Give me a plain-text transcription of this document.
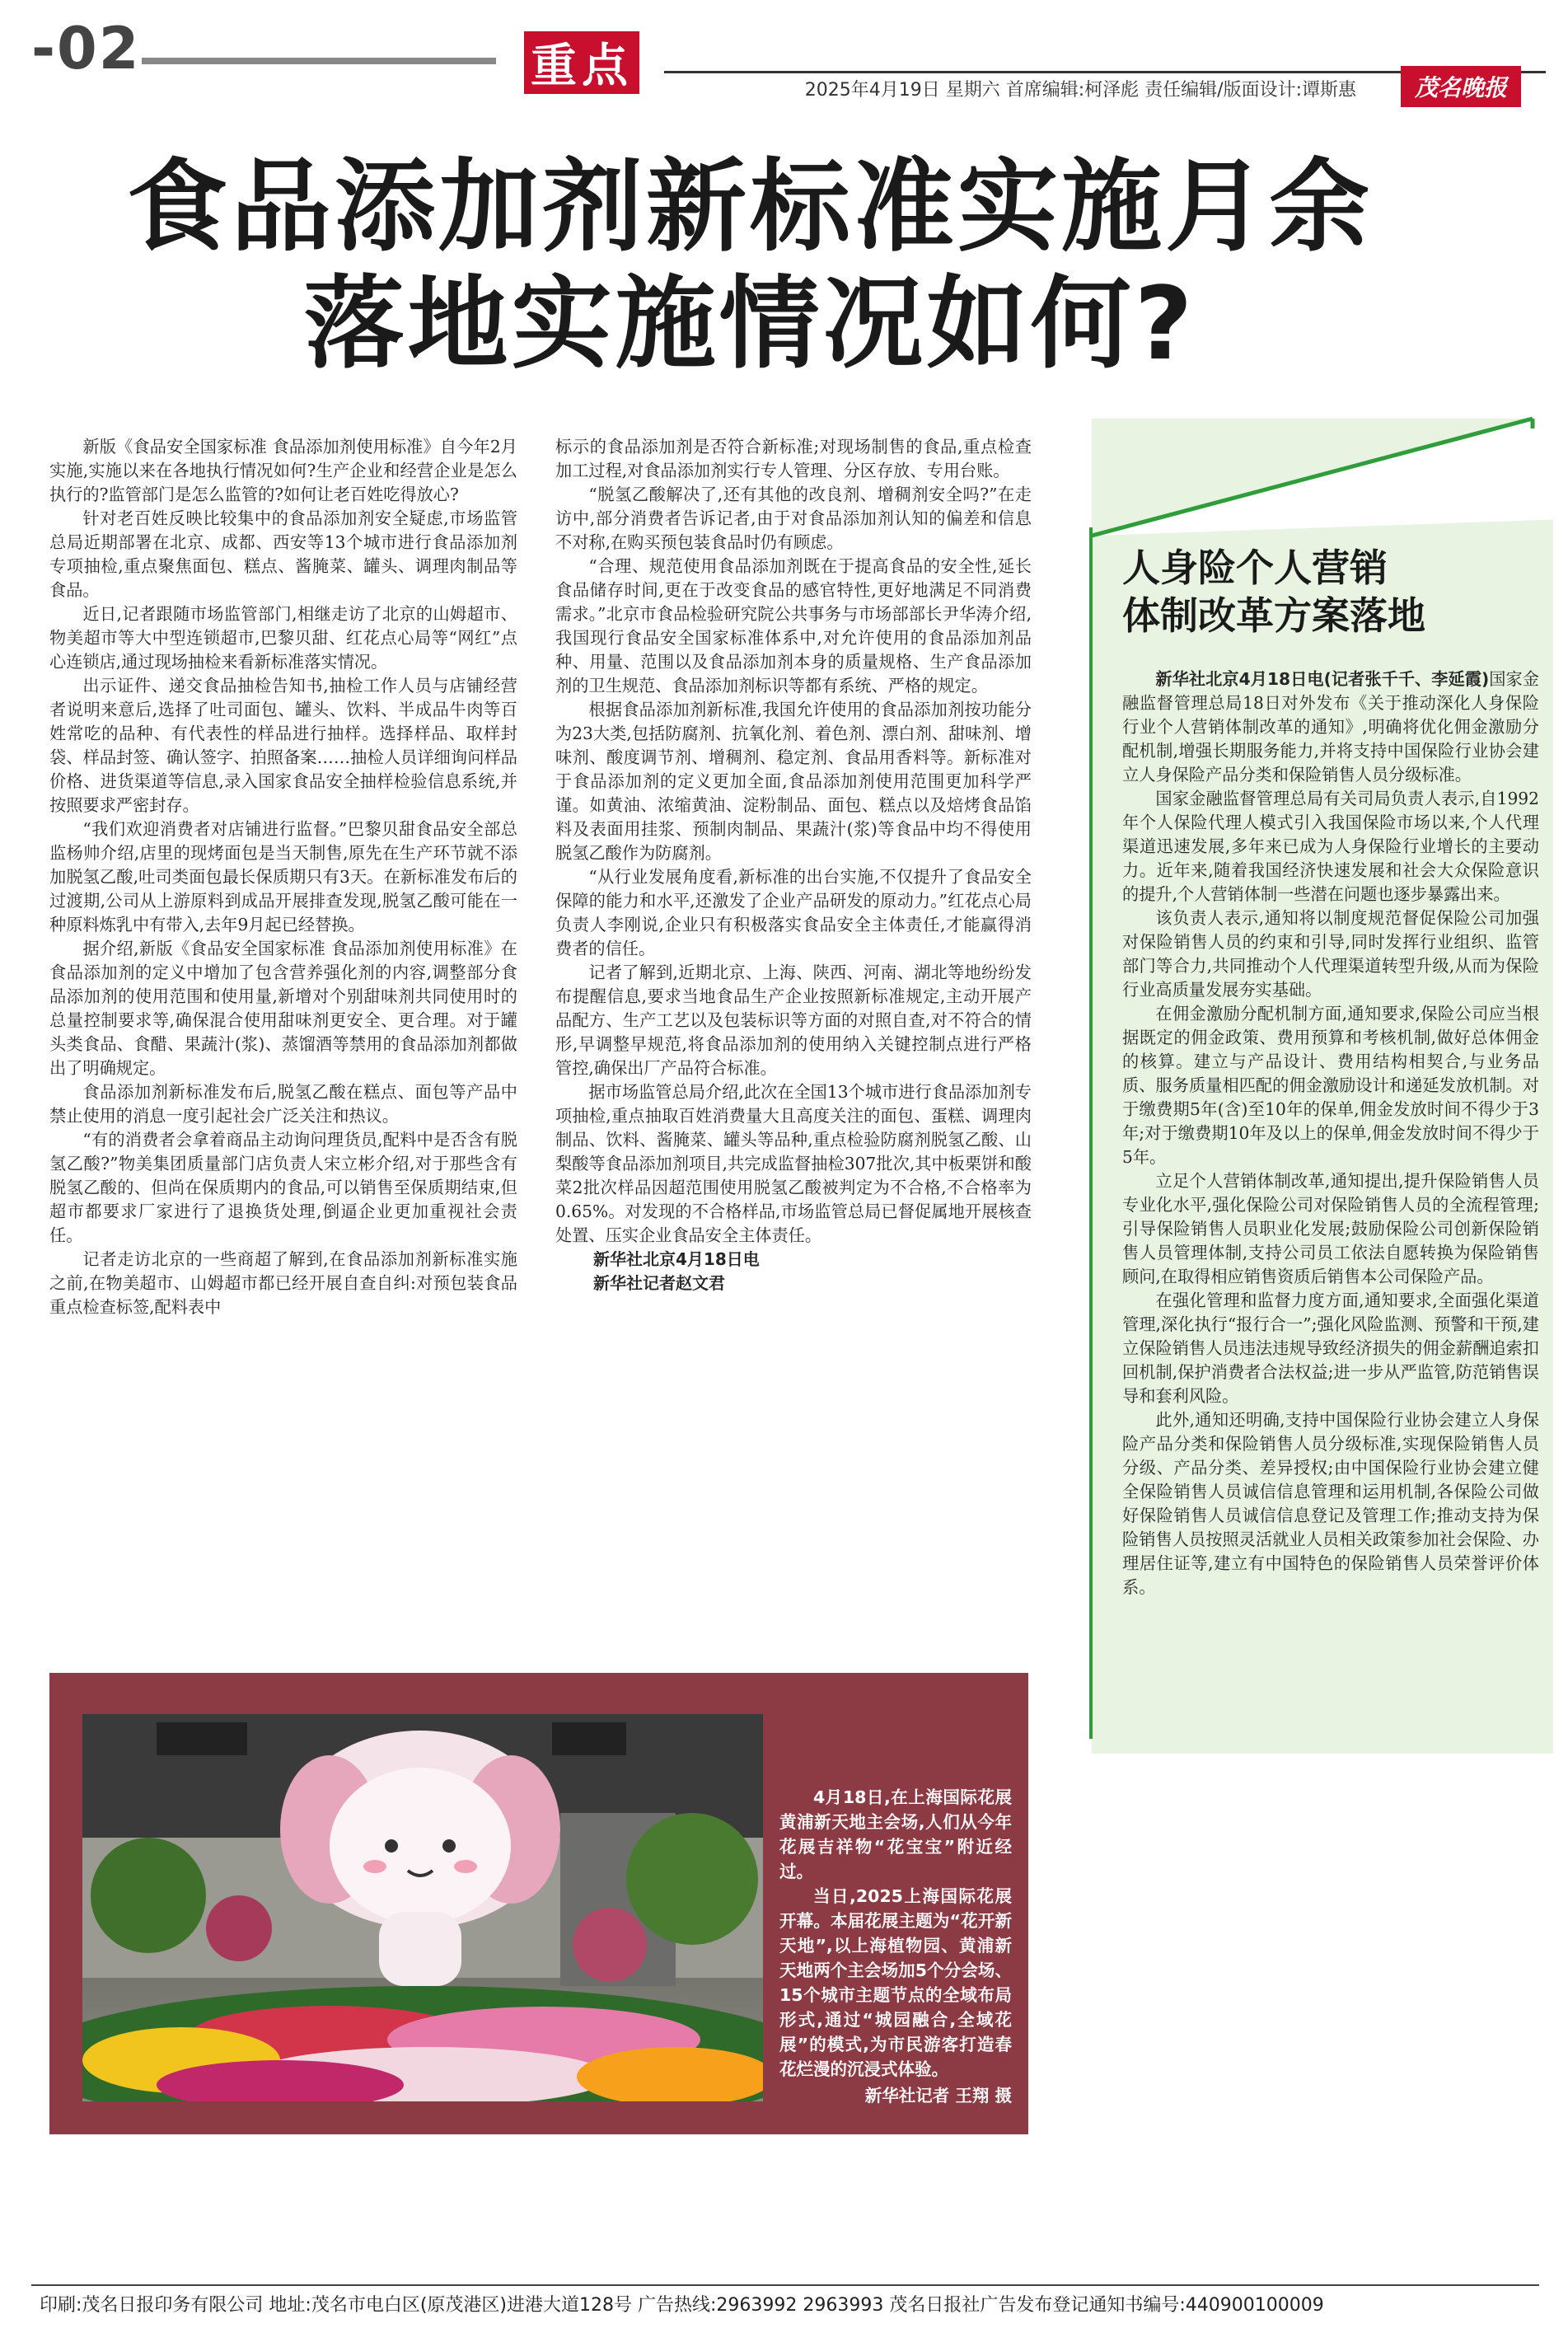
-02	重点	2025年4月19日 星期六 首席编辑:柯泽彪 责任编辑/版面设计:谭斯惠	茂名晚报
食品添加剂新标准实施月余
落地实施情况如何?

新版《食品安全国家标准 食品添加剂使用标准》自今年2月实施,实施以来在各地执行情况如何?生产企业和经营企业是怎么执行的?监管部门是怎么监管的?如何让老百姓吃得放心?

针对老百姓反映比较集中的食品添加剂安全疑虑,市场监管总局近期部署在北京、成都、西安等13个城市进行食品添加剂专项抽检,重点聚焦面包、糕点、酱腌菜、罐头、调理肉制品等食品。

近日,记者跟随市场监管部门,相继走访了北京的山姆超市、物美超市等大中型连锁超市,巴黎贝甜、红花点心局等“网红”点心连锁店,通过现场抽检来看新标准落实情况。

出示证件、递交食品抽检告知书,抽检工作人员与店铺经营者说明来意后,选择了吐司面包、罐头、饮料、半成品牛肉等百姓常吃的品种、有代表性的样品进行抽样。选择样品、取样封袋、样品封签、确认签字、拍照备案……抽检人员详细询问样品价格、进货渠道等信息,录入国家食品安全抽样检验信息系统,并按照要求严密封存。

“我们欢迎消费者对店铺进行监督。”巴黎贝甜食品安全部总监杨帅介绍,店里的现烤面包是当天制售,原先在生产环节就不添加脱氢乙酸,吐司类面包最长保质期只有3天。在新标准发布后的过渡期,公司从上游原料到成品开展排查发现,脱氢乙酸可能在一种原料炼乳中有带入,去年9月起已经替换。

据介绍,新版《食品安全国家标准 食品添加剂使用标准》在食品添加剂的定义中增加了包含营养强化剂的内容,调整部分食品添加剂的使用范围和使用量,新增对个别甜味剂共同使用时的总量控制要求等,确保混合使用甜味剂更安全、更合理。对于罐头类食品、食醋、果蔬汁(浆)、蒸馏酒等禁用的食品添加剂都做出了明确规定。

食品添加剂新标准发布后,脱氢乙酸在糕点、面包等产品中禁止使用的消息一度引起社会广泛关注和热议。

“有的消费者会拿着商品主动询问理货员,配料中是否含有脱氢乙酸?”物美集团质量部门店负责人宋立彬介绍,对于那些含有脱氢乙酸的、但尚在保质期内的食品,可以销售至保质期结束,但超市都要求厂家进行了退换货处理,倒逼企业更加重视社会责任。

记者走访北京的一些商超了解到,在食品添加剂新标准实施之前,在物美超市、山姆超市都已经开展自查自纠:对预包装食品重点检查标签,配料表中

标示的食品添加剂是否符合新标准;对现场制售的食品,重点检查加工过程,对食品添加剂实行专人管理、分区存放、专用台账。

“脱氢乙酸解决了,还有其他的改良剂、增稠剂安全吗?”在走访中,部分消费者告诉记者,由于对食品添加剂认知的偏差和信息不对称,在购买预包装食品时仍有顾虑。

“合理、规范使用食品添加剂既在于提高食品的安全性,延长食品储存时间,更在于改变食品的感官特性,更好地满足不同消费需求。”北京市食品检验研究院公共事务与市场部部长尹华涛介绍,我国现行食品安全国家标准体系中,对允许使用的食品添加剂品种、用量、范围以及食品添加剂本身的质量规格、生产食品添加剂的卫生规范、食品添加剂标识等都有系统、严格的规定。

根据食品添加剂新标准,我国允许使用的食品添加剂按功能分为23大类,包括防腐剂、抗氧化剂、着色剂、漂白剂、甜味剂、增味剂、酸度调节剂、增稠剂、稳定剂、食品用香料等。新标准对于食品添加剂的定义更加全面,食品添加剂使用范围更加科学严谨。如黄油、浓缩黄油、淀粉制品、面包、糕点以及焙烤食品馅料及表面用挂浆、预制肉制品、果蔬汁(浆)等食品中均不得使用脱氢乙酸作为防腐剂。

“从行业发展角度看,新标准的出台实施,不仅提升了食品安全保障的能力和水平,还激发了企业产品研发的原动力。”红花点心局负责人李刚说,企业只有积极落实食品安全主体责任,才能赢得消费者的信任。

记者了解到,近期北京、上海、陕西、河南、湖北等地纷纷发布提醒信息,要求当地食品生产企业按照新标准规定,主动开展产品配方、生产工艺以及包装标识等方面的对照自查,对不符合的情形,早调整早规范,将食品添加剂的使用纳入关键控制点进行严格管控,确保出厂产品符合标准。

据市场监管总局介绍,此次在全国13个城市进行食品添加剂专项抽检,重点抽取百姓消费量大且高度关注的面包、蛋糕、调理肉制品、饮料、酱腌菜、罐头等品种,重点检验防腐剂脱氢乙酸、山梨酸等食品添加剂项目,共完成监督抽检307批次,其中板栗饼和酸菜2批次样品因超范围使用脱氢乙酸被判定为不合格,不合格率为0.65%。对发现的不合格样品,市场监管总局已督促属地开展核查处置、压实企业食品安全主体责任。

新华社北京4月18日电

新华社记者赵文君

人身险个人营销
体制改革方案落地

新华社北京4月18日电(记者张千千、李延霞)国家金融监督管理总局18日对外发布《关于推动深化人身保险行业个人营销体制改革的通知》,明确将优化佣金激励分配机制,增强长期服务能力,并将支持中国保险行业协会建立人身保险产品分类和保险销售人员分级标准。

国家金融监督管理总局有关司局负责人表示,自1992年个人保险代理人模式引入我国保险市场以来,个人代理渠道迅速发展,多年来已成为人身保险行业增长的主要动力。近年来,随着我国经济快速发展和社会大众保险意识的提升,个人营销体制一些潜在问题也逐步暴露出来。

该负责人表示,通知将以制度规范督促保险公司加强对保险销售人员的约束和引导,同时发挥行业组织、监管部门等合力,共同推动个人代理渠道转型升级,从而为保险行业高质量发展夯实基础。

在佣金激励分配机制方面,通知要求,保险公司应当根据既定的佣金政策、费用预算和考核机制,做好总体佣金的核算。建立与产品设计、费用结构相契合,与业务品质、服务质量相匹配的佣金激励设计和递延发放机制。对于缴费期5年(含)至10年的保单,佣金发放时间不得少于3年;对于缴费期10年及以上的保单,佣金发放时间不得少于5年。

立足个人营销体制改革,通知提出,提升保险销售人员专业化水平,强化保险公司对保险销售人员的全流程管理;引导保险销售人员职业化发展;鼓励保险公司创新保险销售人员管理体制,支持公司员工依法自愿转换为保险销售顾问,在取得相应销售资质后销售本公司保险产品。

在强化管理和监督力度方面,通知要求,全面强化渠道管理,深化执行“报行合一”;强化风险监测、预警和干预,建立保险销售人员违法违规导致经济损失的佣金薪酬追索扣回机制,保护消费者合法权益;进一步从严监管,防范销售误导和套利风险。

此外,通知还明确,支持中国保险行业协会建立人身保险产品分类和保险销售人员分级标准,实现保险销售人员分级、产品分类、差异授权;由中国保险行业协会建立健全保险销售人员诚信信息管理和运用机制,各保险公司做好保险销售人员诚信信息登记及管理工作;推动支持为保险销售人员按照灵活就业人员相关政策参加社会保险、办理居住证等,建立有中国特色的保险销售人员荣誉评价体系。

4月18日,在上海国际花展黄浦新天地主会场,人们从今年花展吉祥物“花宝宝”附近经过。

当日,2025上海国际花展开幕。本届花展主题为“花开新天地”,以上海植物园、黄浦新天地两个主会场加5个分会场、15个城市主题节点的全域布局形式,通过“城园融合,全域花展”的模式,为市民游客打造春花烂漫的沉浸式体验。

新华社记者 王翔 摄

印刷:茂名日报印务有限公司 地址:茂名市电白区(原茂港区)进港大道128号 广告热线:2963992 2963993 茂名日报社广告发布登记通知书编号:440900100009
